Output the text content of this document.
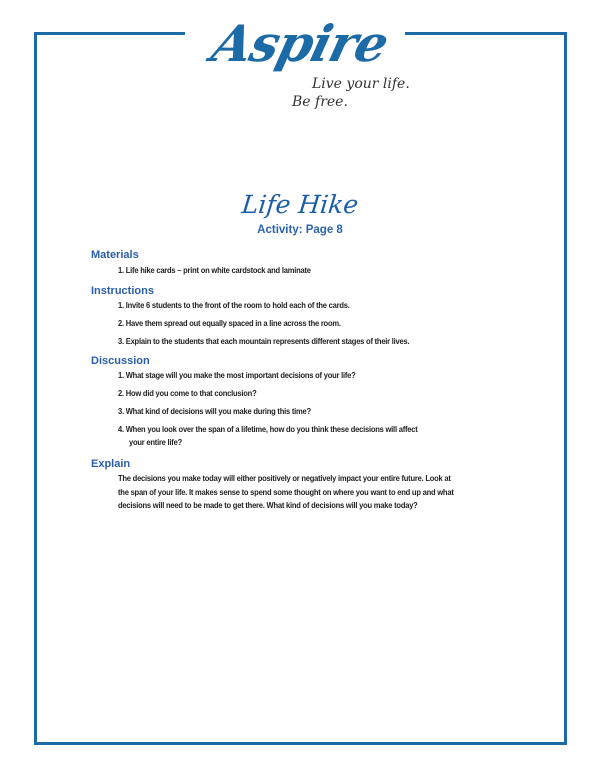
Aspire
Live your life.
Be free.
Life Hike
Activity: Page 8
Materials
1. Life hike cards – print on white cardstock and laminate
Instructions
1. Invite 6 students to the front of the room to hold each of the cards.
2. Have them spread out equally spaced in a line across the room.
3. Explain to the students that each mountain represents different stages of their lives.
Discussion
1. What stage will you make the most important decisions of your life?
2. How did you come to that conclusion?
3. What kind of decisions will you make during this time?
4. When you look over the span of a lifetime, how do you think these decisions will affect
your entire life?
Explain
The decisions you make today will either positively or negatively impact your entire future. Look at
the span of your life. It makes sense to spend some thought on where you want to end up and what
decisions will need to be made to get there. What kind of decisions will you make today?
